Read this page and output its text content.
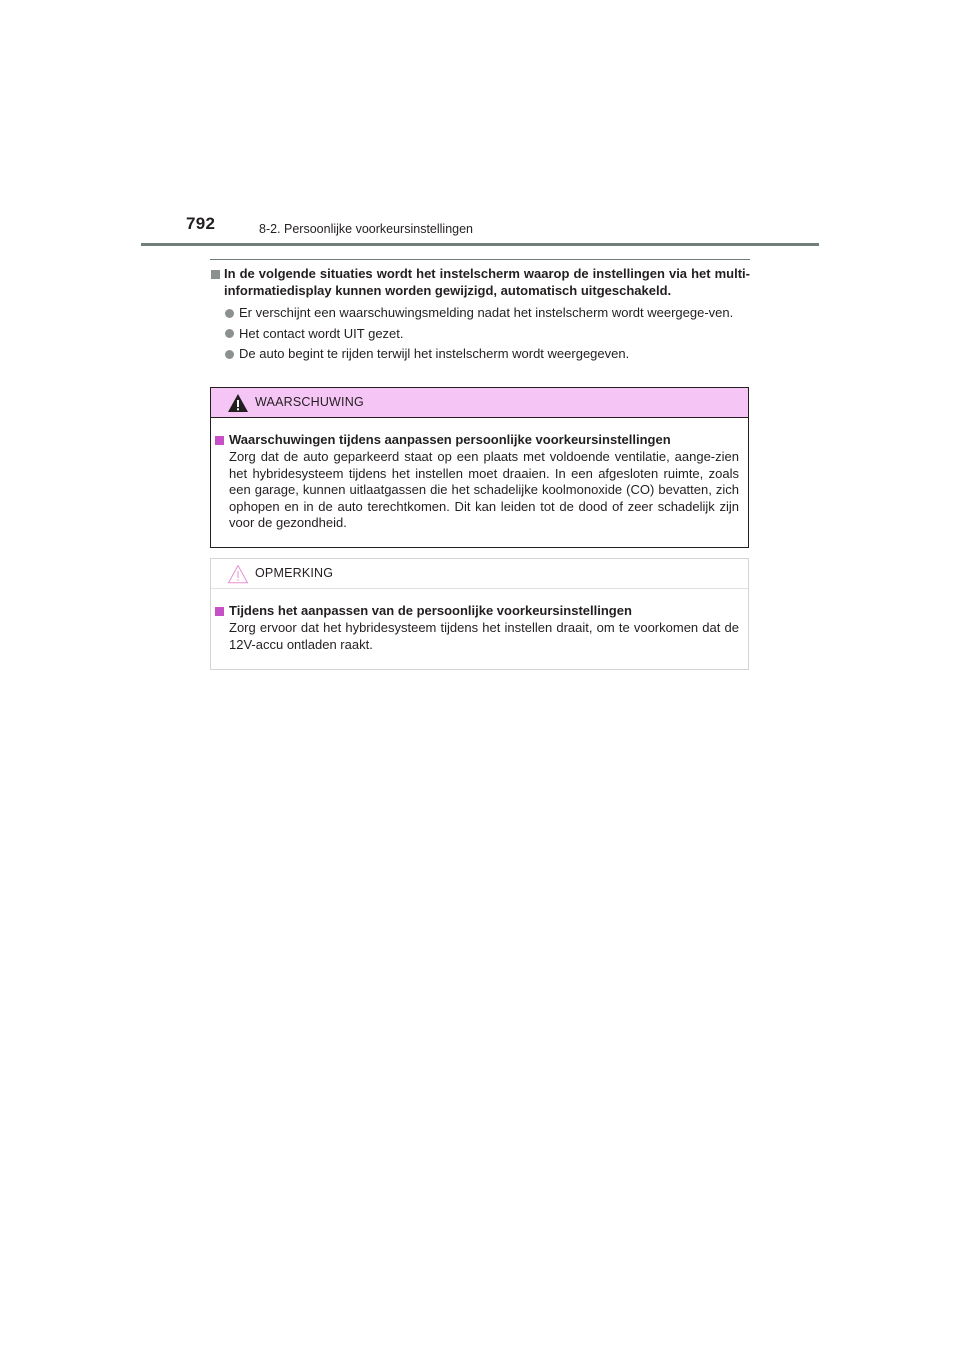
792	8-2. Persoonlijke voorkeursinstellingen
In de volgende situaties wordt het instelscherm waarop de instellingen via het multi-informatiedisplay kunnen worden gewijzigd, automatisch uitgeschakeld.
Er verschijnt een waarschuwingsmelding nadat het instelscherm wordt weergege-ven.
Het contact wordt UIT gezet.
De auto begint te rijden terwijl het instelscherm wordt weergegeven.
WAARSCHUWING
Waarschuwingen tijdens aanpassen persoonlijke voorkeursinstellingen
Zorg dat de auto geparkeerd staat op een plaats met voldoende ventilatie, aange-zien het hybridesysteem tijdens het instellen moet draaien. In een afgesloten ruimte, zoals een garage, kunnen uitlaatgassen die het schadelijke koolmonoxide (CO) bevatten, zich ophopen en in de auto terechtkomen. Dit kan leiden tot de dood of zeer schadelijk zijn voor de gezondheid.
OPMERKING
Tijdens het aanpassen van de persoonlijke voorkeursinstellingen
Zorg ervoor dat het hybridesysteem tijdens het instellen draait, om te voorkomen dat de 12V-accu ontladen raakt.
